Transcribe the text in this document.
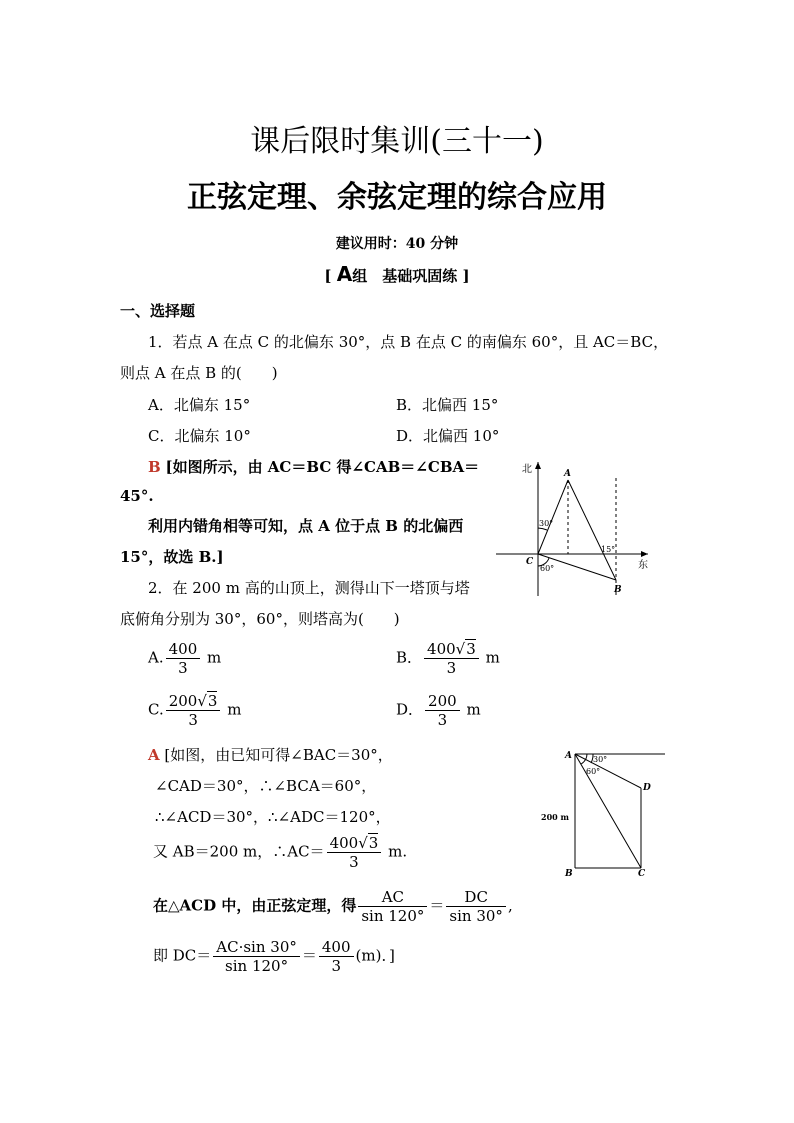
课后限时集训(三十一)
正弦定理、余弦定理的综合应用
建议用时：40 分钟
[ A组　基础巩固练 ]
一、选择题
1．若点 A 在点 C 的北偏东 30°，点 B 在点 C 的南偏东 60°，且 AC＝BC，
则点 A 在点 B 的(　　)
A．北偏东 15°	B．北偏西 15°
C．北偏东 10°	D．北偏西 10°
B [如图所示，由 AC＝BC 得∠CAB＝∠CBA＝
45°.
利用内错角相等可知，点 A 位于点 B 的北偏西
15°，故选 B.]
北
东
A
C
B
30°
60°
15°
2．在 200 m 高的山顶上，测得山下一塔顶与塔
底俯角分别为 30°，60°，则塔高为(　　)
A. $\frac{400}{3}$ m	B． $\frac{400√3}{3}$ m
C. $\frac{200√3}{3}$ m	D． $\frac{200}{3}$ m
A [如图，由已知可得∠BAC＝30°，
∠CAD＝30°，∴∠BCA＝60°，
∴∠ACD＝30°，∴∠ADC＝120°，
又 AB＝200 m，∴AC＝ $\frac{400√3}{3} m$.
在△ACD 中，由正弦定理，得 $\frac{AC}{\sin 120^\circ} = \frac{DC}{\sin 30^\circ}$ ,
即 $DC= \frac{AC\cdot\sin 30^\circ}{\sin 120^\circ} = \frac{400}{3} (m)$．]
A
B	C
D
30°
60°
200 m
